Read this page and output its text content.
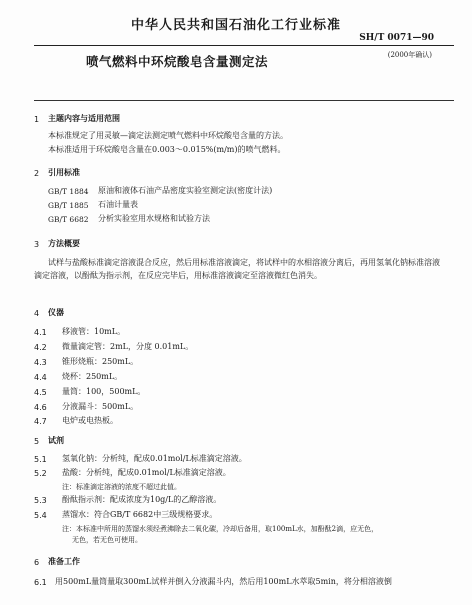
中华人民共和国石油化工行业标准
SH/T 0071—90
喷气燃料中环烷酸皂含量测定法	(2000年确认)
1 主题内容与适用范围
本标准规定了用灵敏—滴定法测定喷气燃料中环烷酸皂含量的方法。
本标准适用于环烷酸皂含量在0.003～0.015%(m/m)的喷气燃料。
2 引用标准
GB/T 1884 原油和液体石油产品密度实验室测定法(密度计法)
GB/T 1885 石油计量表
GB/T 6682 分析实验室用水规格和试验方法
3 方法概要
试样与盐酸标准滴定溶液混合反应，然后用标准溶液滴定，将试样中的水相溶液分离后，再用氢氧化钠标准溶液滴定溶液，以酚酞为指示剂，在反应完毕后，用标准溶液滴定至溶液微红色消失。
4 仪器
4.1 移液管：10mL。
4.2 微量滴定管：2mL，分度 0.01mL。
4.3 锥形烧瓶：250mL。
4.4 烧杯：250mL。
4.5 量筒：100，500mL。
4.6 分液漏斗：500mL。
4.7 电炉或电热板。
5 试剂
5.1 氢氧化钠：分析纯，配成0.01mol/L标准滴定溶液。
5.2 盐酸：分析纯，配成0.01mol/L标准滴定溶液。
注：标准滴定溶液的浓度不超过此值。
5.3 酚酞指示剂：配成浓度为10g/L的乙醇溶液。
5.4 蒸馏水：符合GB/T 6682中三级规格要求。
注：本标准中所用的蒸馏水须经煮沸除去二氧化碳，冷却后备用，取100mL水，加酚酞2滴，应无色，
无色，若无色可使用。
6 准备工作
6.1 用500mL量筒量取300mL试样并倒入分液漏斗内，然后用100mL水萃取5min，将分相溶液倒
